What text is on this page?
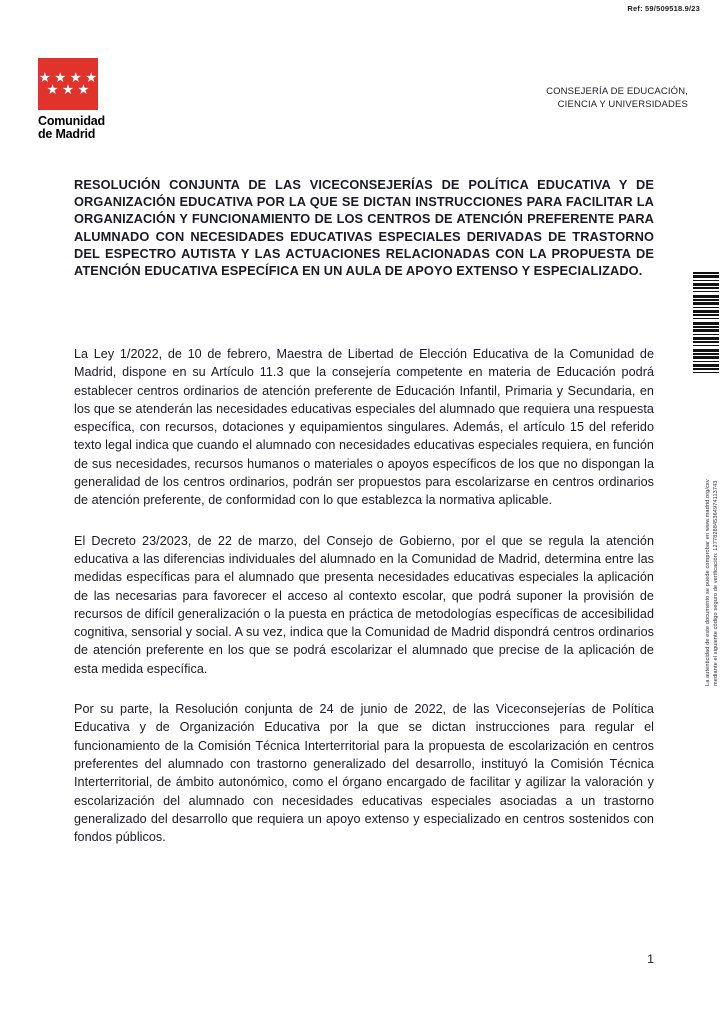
Ref: 59/509518.9/23

Comunidad
de Madrid
CONSEJERÍA DE EDUCACIÓN,
CIENCIA Y UNIVERSIDADES
RESOLUCIÓN CONJUNTA DE LAS VICECONSEJERÍAS DE POLÍTICA EDUCATIVA Y DE ORGANIZACIÓN EDUCATIVA POR LA QUE SE DICTAN INSTRUCCIONES PARA FACILITAR LA ORGANIZACIÓN Y FUNCIONAMIENTO DE LOS CENTROS DE ATENCIÓN PREFERENTE PARA ALUMNADO CON NECESIDADES EDUCATIVAS ESPECIALES DERIVADAS DE TRASTORNO DEL ESPECTRO AUTISTA Y LAS ACTUACIONES RELACIONADAS CON LA PROPUESTA DE ATENCIÓN EDUCATIVA ESPECÍFICA EN UN AULA DE APOYO EXTENSO Y ESPECIALIZADO.

La Ley 1/2022, de 10 de febrero, Maestra de Libertad de Elección Educativa de la Comunidad de Madrid, dispone en su Artículo 11.3 que la consejería competente en materia de Educación podrá establecer centros ordinarios de atención preferente de Educación Infantil, Primaria y Secundaria, en los que se atenderán las necesidades educativas especiales del alumnado que requiera una respuesta específica, con recursos, dotaciones y equipamientos singulares. Además, el artículo 15 del referido texto legal indica que cuando el alumnado con necesidades educativas especiales requiera, en función de sus necesidades, recursos humanos o materiales o apoyos específicos de los que no dispongan la generalidad de los centros ordinarios, podrán ser propuestos para escolarizarse en centros ordinarios de atención preferente, de conformidad con lo que establezca la normativa aplicable.

El Decreto 23/2023, de 22 de marzo, del Consejo de Gobierno, por el que se regula la atención educativa a las diferencias individuales del alumnado en la Comunidad de Madrid, determina entre las medidas específicas para el alumnado que presenta necesidades educativas especiales la aplicación de las necesarias para favorecer el acceso al contexto escolar, que podrá suponer la provisión de recursos de difícil generalización o la puesta en práctica de metodologías específicas de accesibilidad cognitiva, sensorial y social. A su vez, indica que la Comunidad de Madrid dispondrá centros ordinarios de atención preferente en los que se podrá escolarizar el alumnado que precise de la aplicación de esta medida específica.

Por su parte, la Resolución conjunta de 24 de junio de 2022, de las Viceconsejerías de Política Educativa y de Organización Educativa por la que se dictan instrucciones para regular el funcionamiento de la Comisión Técnica Interterritorial para la propuesta de escolarización en centros preferentes del alumnado con trastorno generalizado del desarrollo, instituyó la Comisión Técnica Interterritorial, de ámbito autonómico, como el órgano encargado de facilitar y agilizar la valoración y escolarización del alumnado con necesidades educativas especiales asociadas a un trastorno generalizado del desarrollo que requiera un apoyo extenso y especializado en centros sostenidos con fondos públicos.

La autenticidad de este documento se puede comprobar en www.madrid.org/csv mediante el siguiente código seguro de verificación: 1277828845364974113743
1
